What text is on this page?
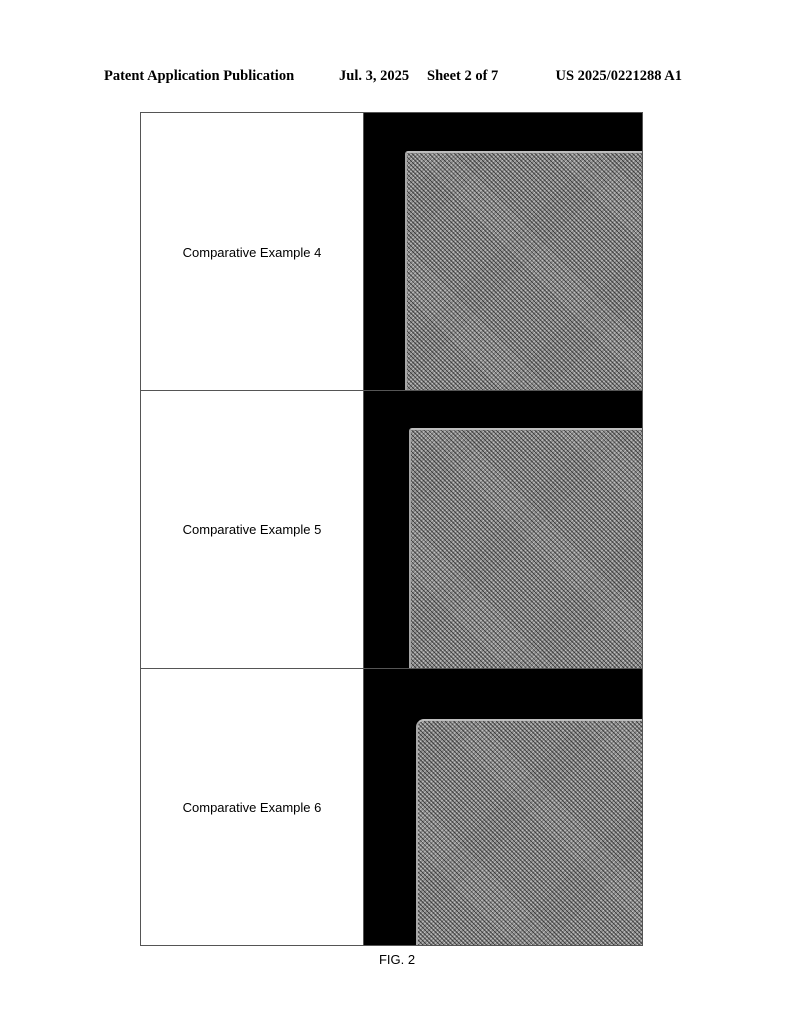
Patent Application Publication	Jul. 3, 2025 Sheet 2 of 7	US 2025/0221288 A1
Comparative Example 4
Comparative Example 5
Comparative Example 6
FIG. 2
